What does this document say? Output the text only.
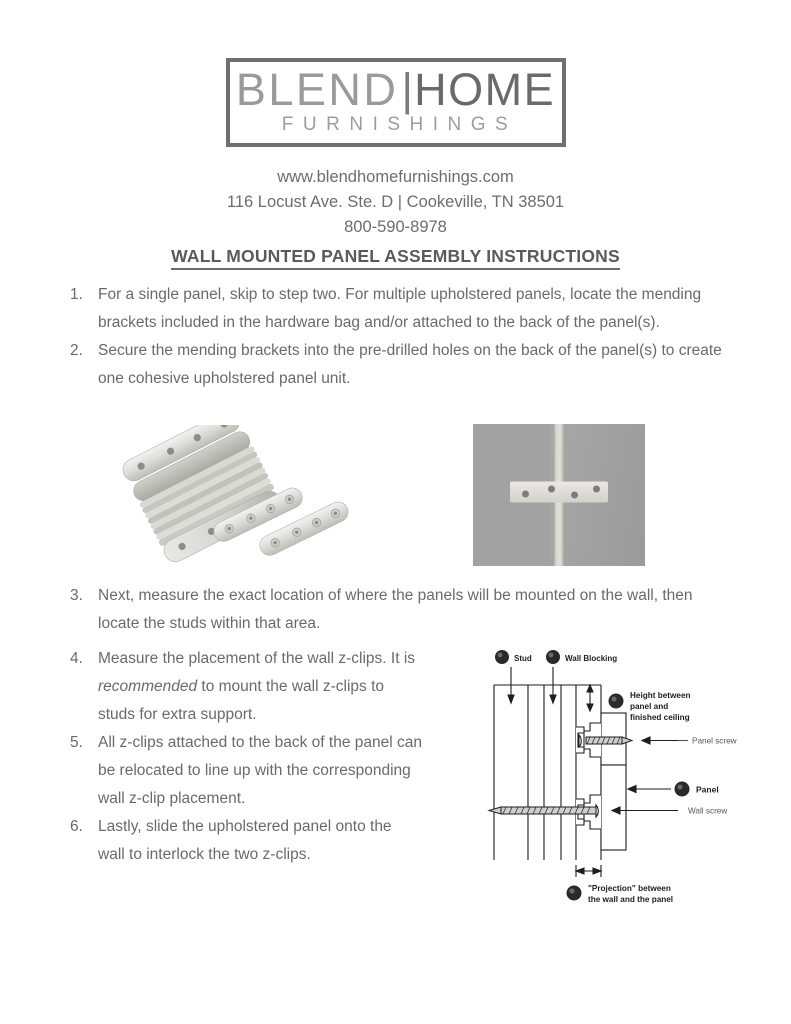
BLEND | HOME
FURNISHINGS
www.blendhomefurnishings.com
116 Locust Ave. Ste. D | Cookeville, TN 38501
800-590-8978
WALL MOUNTED PANEL ASSEMBLY INSTRUCTIONS
1. For a single panel, skip to step two. For multiple upholstered panels, locate the mending brackets included in the hardware bag and/or attached to the back of the panel(s).
2. Secure the mending brackets into the pre-drilled holes on the back of the panel(s) to create one cohesive upholstered panel unit.
3. Next, measure the exact location of where the panels will be mounted on the wall, then locate the studs within that area.
4. Measure the placement of the wall z-clips. It is recommended to mount the wall z-clips to studs for extra support.
5. All z-clips attached to the back of the panel can be relocated to line up with the corresponding wall z-clip placement.
6. Lastly, slide the upholstered panel onto the wall to interlock the two z-clips.
Stud	Wall Blocking
Height between
panel and
finished ceiling
Panel screw
Panel
Wall screw
"Projection" between
the wall and the panel
